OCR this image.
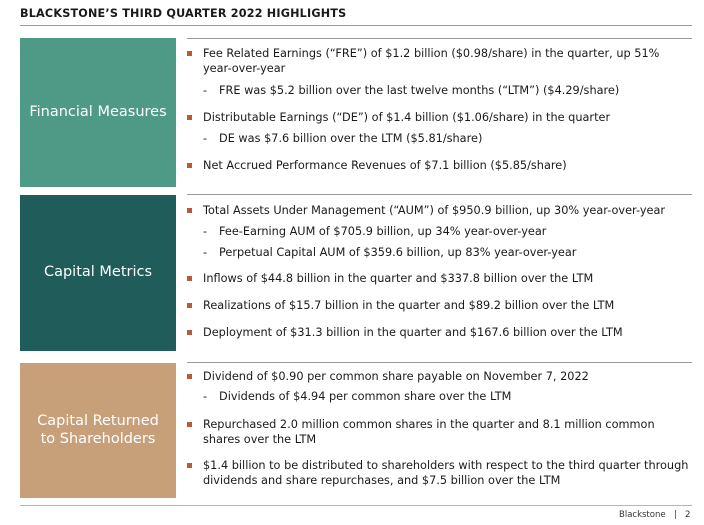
BLACKSTONE’S THIRD QUARTER 2022 HIGHLIGHTS
Financial Measures
Fee Related Earnings (“FRE”) of $1.2 billion ($0.98/share) in the quarter, up 51% year-over-year
- FRE was $5.2 billion over the last twelve months (“LTM”) ($4.29/share)
Distributable Earnings (“DE”) of $1.4 billion ($1.06/share) in the quarter
- DE was $7.6 billion over the LTM ($5.81/share)
Net Accrued Performance Revenues of $7.1 billion ($5.85/share)
Capital Metrics
Total Assets Under Management (“AUM”) of $950.9 billion, up 30% year-over-year
- Fee-Earning AUM of $705.9 billion, up 34% year-over-year
- Perpetual Capital AUM of $359.6 billion, up 83% year-over-year
Inflows of $44.8 billion in the quarter and $337.8 billion over the LTM
Realizations of $15.7 billion in the quarter and $89.2 billion over the LTM
Deployment of $31.3 billion in the quarter and $167.6 billion over the LTM
Capital Returned
to Shareholders
Dividend of $0.90 per common share payable on November 7, 2022
- Dividends of $4.94 per common share over the LTM
Repurchased 2.0 million common shares in the quarter and 8.1 million common shares over the LTM
$1.4 billion to be distributed to shareholders with respect to the third quarter through dividends and share repurchases, and $7.5 billion over the LTM
Blackstone | 2
